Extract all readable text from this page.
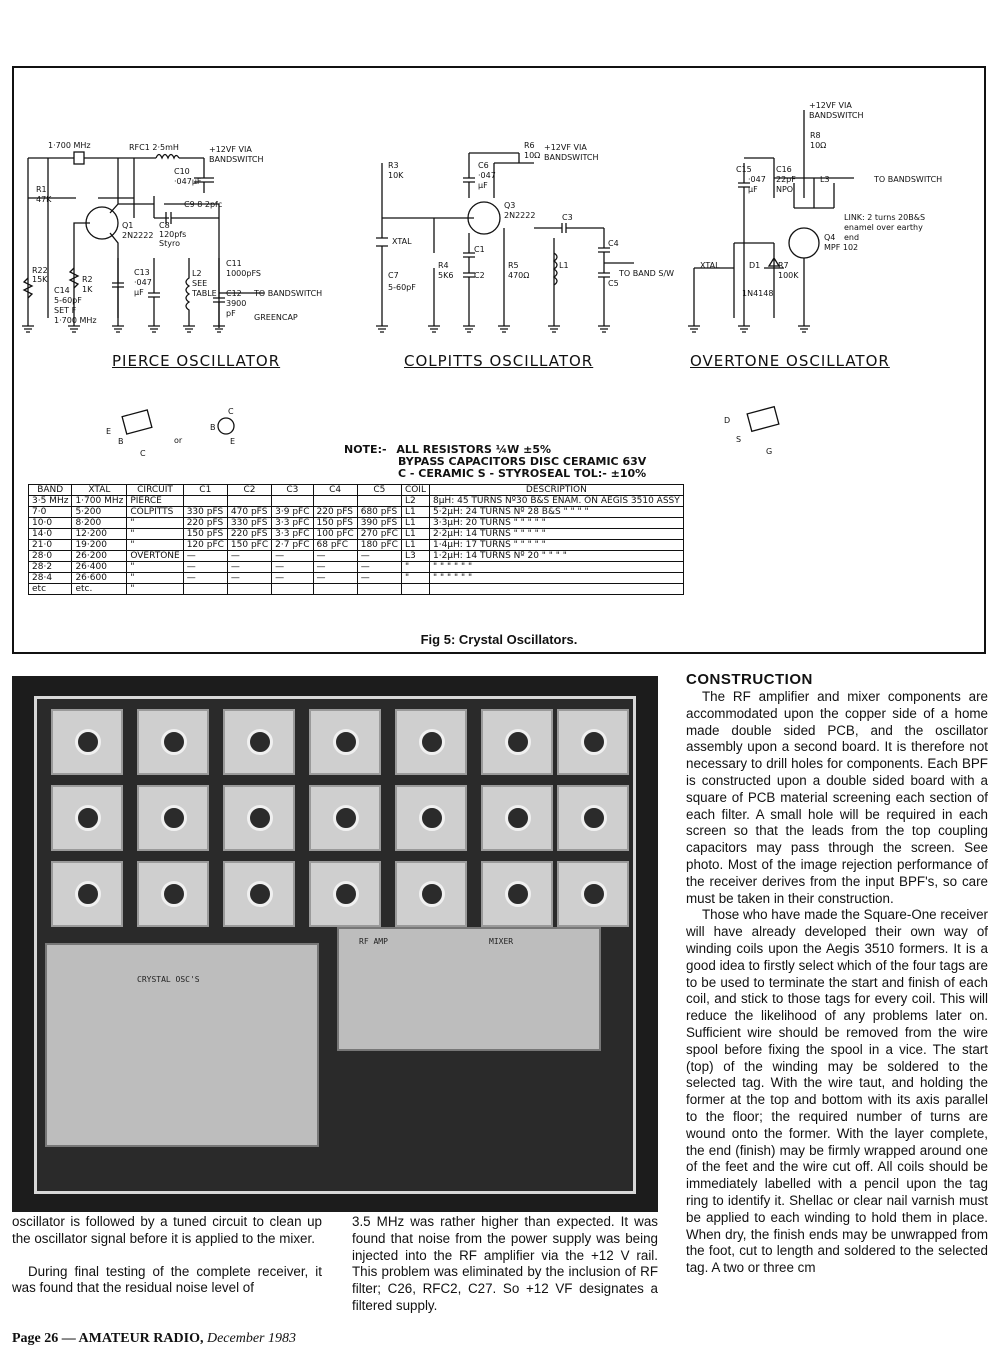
1·700 MHz	RFC1 2·5mH	+12VF VIA
BANDSWITCH
C10
·047µF
R1
47K
Q1
2N2222
C9 8·2pfc
C8
120pfs
Styro
R22
15K	R2
1K
C14
5-60pF
SET F
1·700 MHz
C13
·047
µF
L2
SEE
TABLE
C11
1000pFS
C12
3900
pF
TO BANDSWITCH
GREENCAP
R6
10Ω
+12VF VIA
BANDSWITCH
R3
10K
C6
·047
µF
Q3
2N2222	C3
XTAL
C1
C2
R4
5K6
R5
470Ω
L1
C4
C5
C7
5-60pF
TO BAND S/W
+12VF VIA
BANDSWITCH
R8
10Ω
C15
·047
µF
C16
22pF
NPO
L3	TO BANDSWITCH
LINK: 2 turns 20B&S
enamel over earthy
end
Q4
MPF 102
XTAL	D1
1N4148
R7
100K
E
B
C
or
B
C
E
D
S
G
PIERCE OSCILLATOR	COLPITTS OSCILLATOR	OVERTONE OSCILLATOR
NOTE:- ALL RESISTORS ¼W ±5%
BYPASS CAPACITORS DISC CERAMIC 63V
C - CERAMIC S - STYROSEAL TOL:- ±10%
BAND	XTAL	CIRCUIT	C1	C2	C3	C4	C5	COIL	DESCRIPTION
3·5 MHz	1·700 MHz	PIERCE						L2	8µH: 45 TURNS Nº30 B&S ENAM. ON AEGIS 3510 ASSY
7·0	5·200	COLPITTS	330 pFS	470 pFS	3·9 pFC	220 pFS	680 pFS	L1	5·2µH: 24 TURNS Nº 28 B&S " " " "
10·0	8·200	"	220 pFS	330 pFS	3·3 pFC	150 pFS	390 pFS	L1	3·3µH: 20 TURNS " " " " "
14·0	12·200	"	150 pFS	220 pFS	3·3 pFC	100 pFC	270 pFC	L1	2·2µH: 14 TURNS " " " " "
21·0	19·200	"	120 pFC	150 pFC	2·7 pFC	68 pFC	180 pFC	L1	1·4µH: 17 TURNS " " " " "
28·0	26·200	OVERTONE	—	—	—	—	—	L3	1·2µH: 14 TURNS Nº 20 " " " "
28·2	26·400	"	—	—	—	—	—	"	" " " " " "
28·4	26·600	"	—	—	—	—	—	"	" " " " " "
etc	etc.	"							
Fig 5: Crystal Oscillators.
CRYSTAL OSC'S
RF AMP	MIXER
CONSTRUCTION

The RF amplifier and mixer components are accommodated upon the copper side of a home made double sided PCB, and the oscillator assembly upon a second board. It is therefore not necessary to drill holes for components. Each BPF is constructed upon a double sided board with a square of PCB material screening each section of each filter. A small hole will be required in each screen so that the leads from the top coupling capacitors may pass through the screen. See photo. Most of the image rejection performance of the receiver derives from the input BPF's, so care must be taken in their construction.

Those who have made the Square-One receiver will have already developed their own way of winding coils upon the Aegis 3510 formers. It is a good idea to firstly select which of the four tags are to be used to terminate the start and finish of each coil, and stick to those tags for every coil. This will reduce the likelihood of any problems later on. Sufficient wire should be removed from the wire spool before fixing the spool in a vice. The start (top) of the winding may be soldered to the selected tag. With the wire taut, and holding the former at the top and bottom with its axis parallel to the floor; the required number of turns are wound onto the former. With the layer complete, the end (finish) may be firmly wrapped around one of the feet and the wire cut off. All coils should be immediately labelled with a pencil upon the tag ring to identify it. Shellac or clear nail varnish must be applied to each winding to hold them in place. When dry, the finish ends may be unwrapped from the foot, cut to length and soldered to the selected tag. A two or three cm

oscillator is followed by a tuned circuit to clean up the oscillator signal before it is applied to the mixer.

During final testing of the complete receiver, it was found that the residual noise level of

3.5 MHz was rather higher than expected. It was found that noise from the power supply was being injected into the RF amplifier via the +12 V rail. This problem was eliminated by the inclusion of RF filter; C26, RFC2, C27. So +12 VF designates a filtered supply.

Page 26 — AMATEUR RADIO, December 1983
